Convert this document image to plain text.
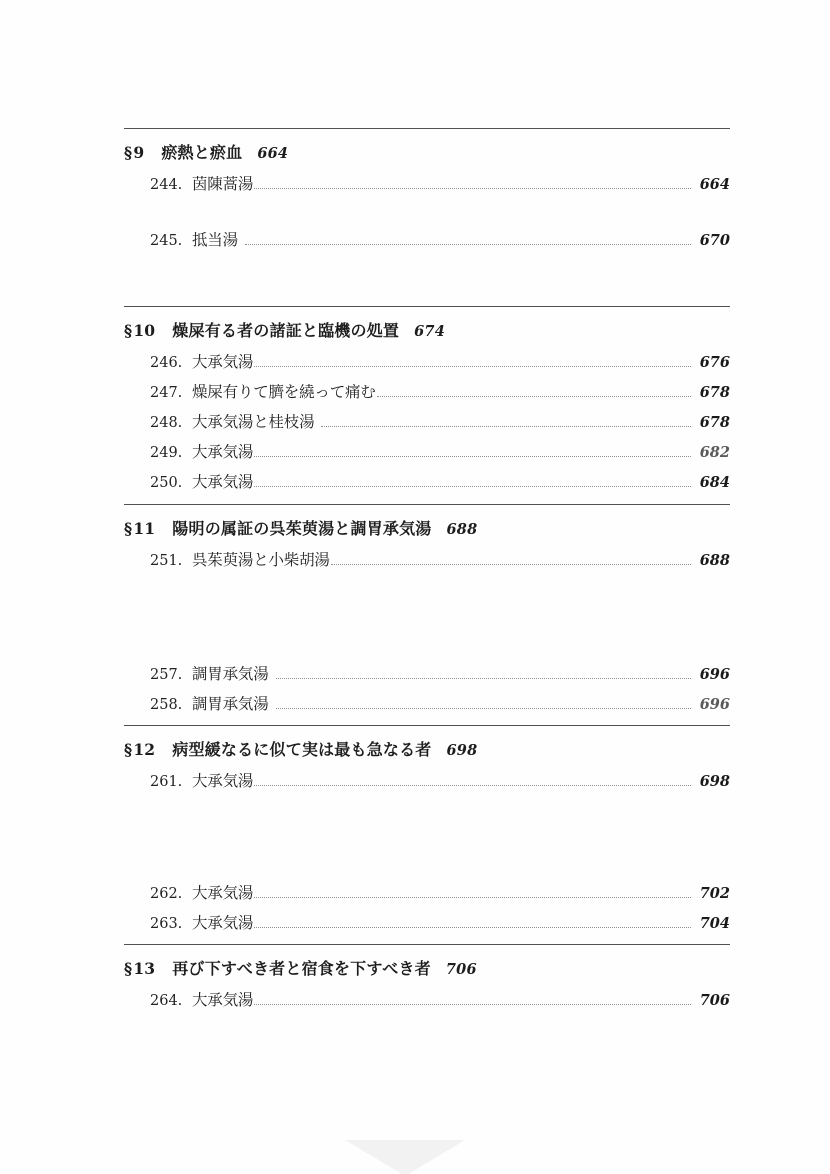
§ 9 瘀熱と瘀血 664
244. 茵陳蒿湯	664
245. 抵当湯	670
§ 10 燥屎有る者の諸証と臨機の処置 674
246. 大承気湯	676
247. 燥屎有りて臍を繞って痛む	678
248. 大承気湯と桂枝湯	678
249. 大承気湯	682
250. 大承気湯	684
§ 11 陽明の属証の呉茱萸湯と調胃承気湯 688
251. 呉茱萸湯と小柴胡湯	688
257. 調胃承気湯	696
258. 調胃承気湯	696
§ 12 病型緩なるに似て実は最も急なる者 698
261. 大承気湯	698
262. 大承気湯	702
263. 大承気湯	704
§ 13 再び下すべき者と宿食を下すべき者 706
264. 大承気湯	706
